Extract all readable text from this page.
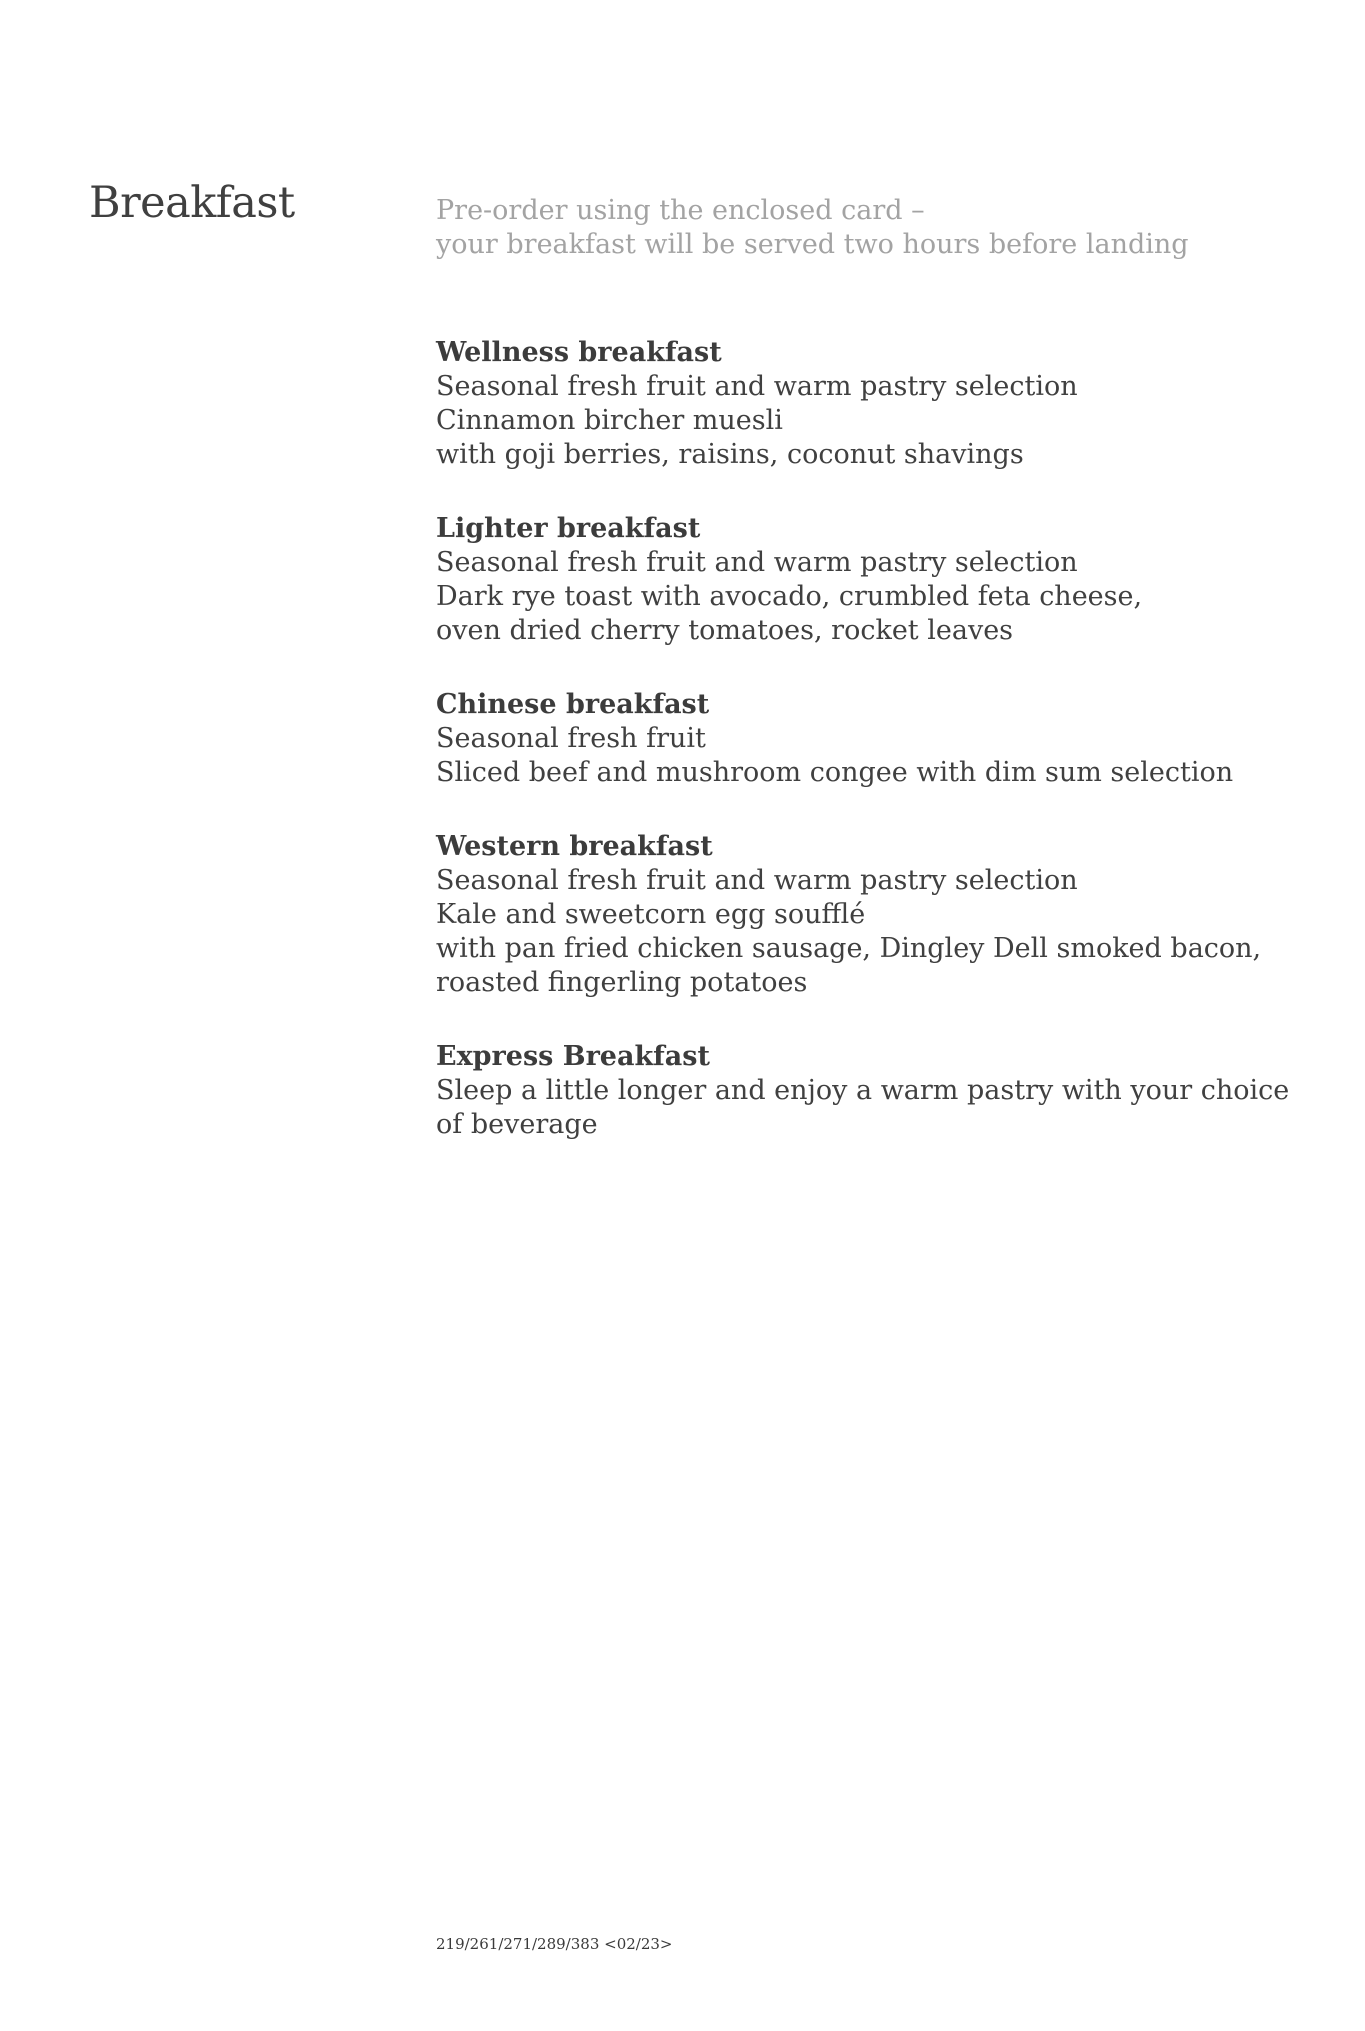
Breakfast	Pre-order using the enclosed card –
your breakfast will be served two hours before landing
Wellness breakfast
Seasonal fresh fruit and warm pastry selection
Cinnamon bircher muesli
with goji berries, raisins, coconut shavings
Lighter breakfast
Seasonal fresh fruit and warm pastry selection
Dark rye toast with avocado, crumbled feta cheese,
oven dried cherry tomatoes, rocket leaves
Chinese breakfast
Seasonal fresh fruit
Sliced beef and mushroom congee with dim sum selection
Western breakfast
Seasonal fresh fruit and warm pastry selection
Kale and sweetcorn egg soufflé
with pan fried chicken sausage, Dingley Dell smoked bacon,
roasted fingerling potatoes
Express Breakfast
Sleep a little longer and enjoy a warm pastry with your choice
of beverage
219/261/271/289/383 <02/23>
